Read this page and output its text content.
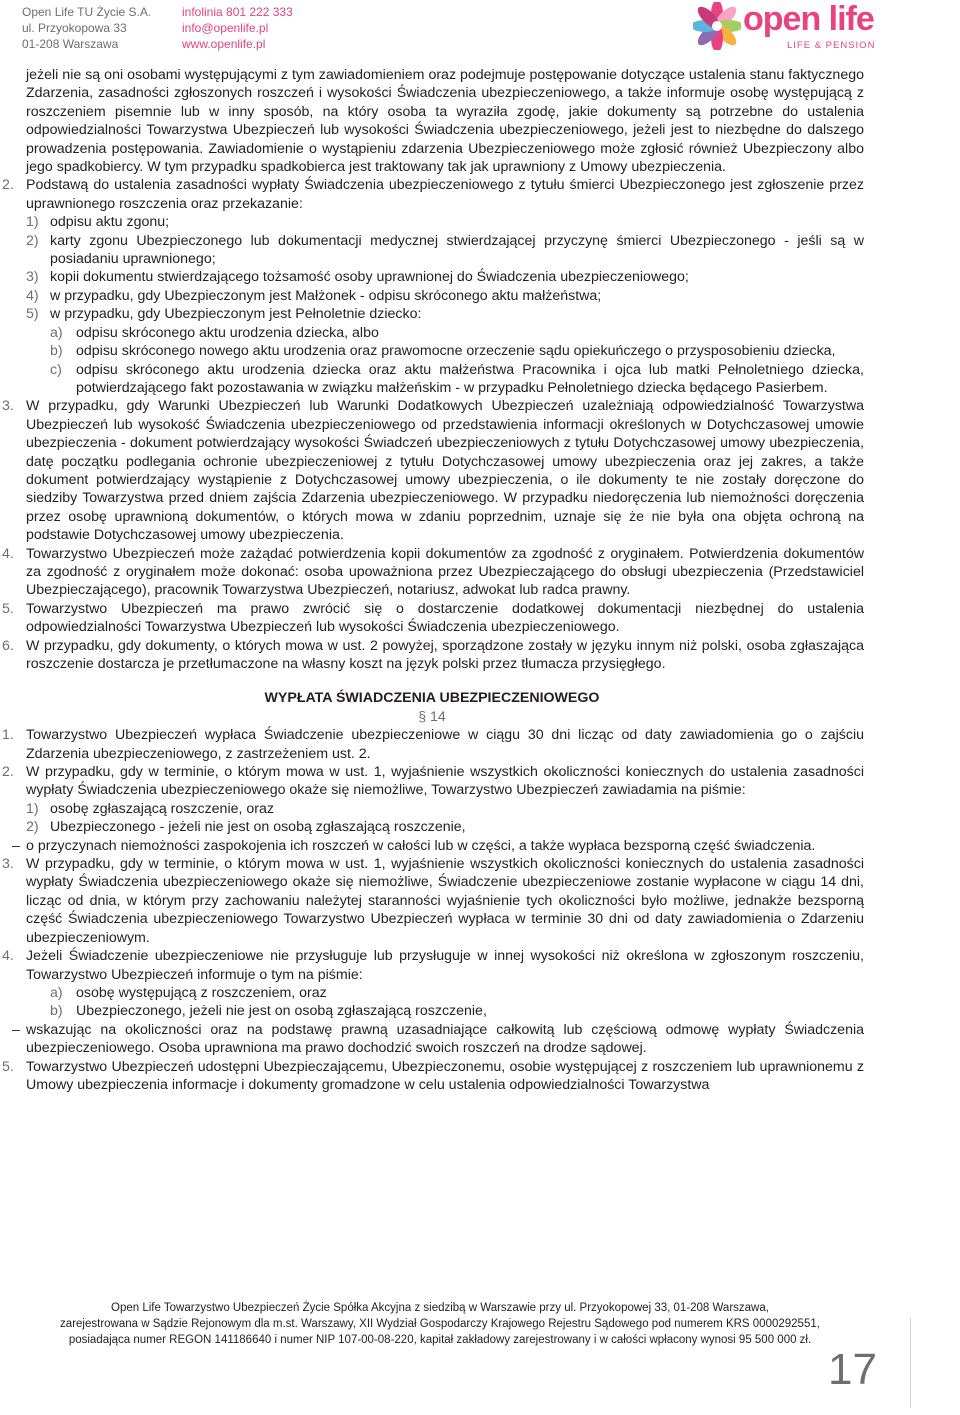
Open Life TU Życie S.A.
ul. Przyokopowa 33
01-208 Warszawa
infolinia 801 222 333
info@openlife.pl
www.openlife.pl
open life
LIFE & PENSION

jeżeli nie są oni osobami występującymi z tym zawiadomieniem oraz podejmuje postępowanie dotyczące ustalenia stanu faktycznego Zdarzenia, zasadności zgłoszonych roszczeń i wysokości Świadczenia ubezpieczeniowego, a także informuje osobę występującą z roszczeniem pisemnie lub w inny sposób, na który osoba ta wyraziła zgodę, jakie dokumenty są potrzebne do ustalenia odpowiedzialności Towarzystwa Ubezpieczeń lub wysokości Świadczenia ubezpieczeniowego, jeżeli jest to niezbędne do dalszego prowadzenia postępowania. Zawiadomienie o wystąpieniu zdarzenia Ubezpieczeniowego może zgłosić również Ubezpieczony albo jego spadkobiercy. W tym przypadku spadkobierca jest traktowany tak jak uprawniony z Umowy ubezpieczenia.

2. Podstawą do ustalenia zasadności wypłaty Świadczenia ubezpieczeniowego z tytułu śmierci Ubezpieczonego jest zgłoszenie przez uprawnionego roszczenia oraz przekazanie:
1) odpisu aktu zgonu;
2) karty zgonu Ubezpieczonego lub dokumentacji medycznej stwierdzającej przyczynę śmierci Ubezpieczonego - jeśli są w posiadaniu uprawnionego;
3) kopii dokumentu stwierdzającego tożsamość osoby uprawnionej do Świadczenia ubezpieczeniowego;
4) w przypadku, gdy Ubezpieczonym jest Małżonek - odpisu skróconego aktu małżeństwa;
5) w przypadku, gdy Ubezpieczonym jest Pełnoletnie dziecko:
a) odpisu skróconego aktu urodzenia dziecka, albo
b) odpisu skróconego nowego aktu urodzenia oraz prawomocne orzeczenie sądu opiekuńczego o przysposobieniu dziecka,
c) odpisu skróconego aktu urodzenia dziecka oraz aktu małżeństwa Pracownika i ojca lub matki Pełnoletniego dziecka, potwierdzającego fakt pozostawania w związku małżeńskim - w przypadku Pełnoletniego dziecka będącego Pasierbem.
3. W przypadku, gdy Warunki Ubezpieczeń lub Warunki Dodatkowych Ubezpieczeń uzależniają odpowiedzialność Towarzystwa Ubezpieczeń lub wysokość Świadczenia ubezpieczeniowego od przedstawienia informacji określonych w Dotychczasowej umowie ubezpieczenia - dokument potwierdzający wysokości Świadczeń ubezpieczeniowych z tytułu Dotychczasowej umowy ubezpieczenia, datę początku podlegania ochronie ubezpieczeniowej z tytułu Dotychczasowej umowy ubezpieczenia oraz jej zakres, a także dokument potwierdzający wystąpienie z Dotychczasowej umowy ubezpieczenia, o ile dokumenty te nie zostały doręczone do siedziby Towarzystwa przed dniem zajścia Zdarzenia ubezpieczeniowego. W przypadku niedoręczenia lub niemożności doręczenia przez osobę uprawnioną dokumentów, o których mowa w zdaniu poprzednim, uznaje się że nie była ona objęta ochroną na podstawie Dotychczasowej umowy ubezpieczenia.
4. Towarzystwo Ubezpieczeń może zażądać potwierdzenia kopii dokumentów za zgodność z oryginałem. Potwierdzenia dokumentów za zgodność z oryginałem może dokonać: osoba upoważniona przez Ubezpieczającego do obsługi ubezpieczenia (Przedstawiciel Ubezpieczającego), pracownik Towarzystwa Ubezpieczeń, notariusz, adwokat lub radca prawny.
5. Towarzystwo Ubezpieczeń ma prawo zwrócić się o dostarczenie dodatkowej dokumentacji niezbędnej do ustalenia odpowiedzialności Towarzystwa Ubezpieczeń lub wysokości Świadczenia ubezpieczeniowego.
6. W przypadku, gdy dokumenty, o których mowa w ust. 2 powyżej, sporządzone zostały w języku innym niż polski, osoba zgłaszająca roszczenie dostarcza je przetłumaczone na własny koszt na język polski przez tłumacza przysięgłego.
WYPŁATA ŚWIADCZENIA UBEZPIECZENIOWEGO
§ 14
1. Towarzystwo Ubezpieczeń wypłaca Świadczenie ubezpieczeniowe w ciągu 30 dni licząc od daty zawiadomienia go o zajściu Zdarzenia ubezpieczeniowego, z zastrzeżeniem ust. 2.
2. W przypadku, gdy w terminie, o którym mowa w ust. 1, wyjaśnienie wszystkich okoliczności koniecznych do ustalenia zasadności wypłaty Świadczenia ubezpieczeniowego okaże się niemożliwe, Towarzystwo Ubezpieczeń zawiadamia na piśmie:
1) osobę zgłaszającą roszczenie, oraz
2) Ubezpieczonego - jeżeli nie jest on osobą zgłaszającą roszczenie,
– o przyczynach niemożności zaspokojenia ich roszczeń w całości lub w części, a także wypłaca bezsporną część świadczenia.
3. W przypadku, gdy w terminie, o którym mowa w ust. 1, wyjaśnienie wszystkich okoliczności koniecznych do ustalenia zasadności wypłaty Świadczenia ubezpieczeniowego okaże się niemożliwe, Świadczenie ubezpieczeniowe zostanie wypłacone w ciągu 14 dni, licząc od dnia, w którym przy zachowaniu należytej staranności wyjaśnienie tych okoliczności było możliwe, jednakże bezsporną część Świadczenia ubezpieczeniowego Towarzystwo Ubezpieczeń wypłaca w terminie 30 dni od daty zawiadomienia o Zdarzeniu ubezpieczeniowym.
4. Jeżeli Świadczenie ubezpieczeniowe nie przysługuje lub przysługuje w innej wysokości niż określona w zgłoszonym roszczeniu, Towarzystwo Ubezpieczeń informuje o tym na piśmie:
a) osobę występującą z roszczeniem, oraz
b) Ubezpieczonego, jeżeli nie jest on osobą zgłaszającą roszczenie,
– wskazując na okoliczności oraz na podstawę prawną uzasadniające całkowitą lub częściową odmowę wypłaty Świadczenia ubezpieczeniowego. Osoba uprawniona ma prawo dochodzić swoich roszczeń na drodze sądowej.
5. Towarzystwo Ubezpieczeń udostępni Ubezpieczającemu, Ubezpieczonemu, osobie występującej z roszczeniem lub uprawnionemu z Umowy ubezpieczenia informacje i dokumenty gromadzone w celu ustalenia odpowiedzialności Towarzystwa
Open Life Towarzystwo Ubezpieczeń Życie Spółka Akcyjna z siedzibą w Warszawie przy ul. Przyokopowej 33, 01-208 Warszawa,
zarejestrowana w Sądzie Rejonowym dla m.st. Warszawy, XII Wydział Gospodarczy Krajowego Rejestru Sądowego pod numerem KRS 0000292551,
posiadająca numer REGON 141186640 i numer NIP 107-00-08-220, kapitał zakładowy zarejestrowany i w całości wpłacony wynosi 95 500 000 zł.
17
